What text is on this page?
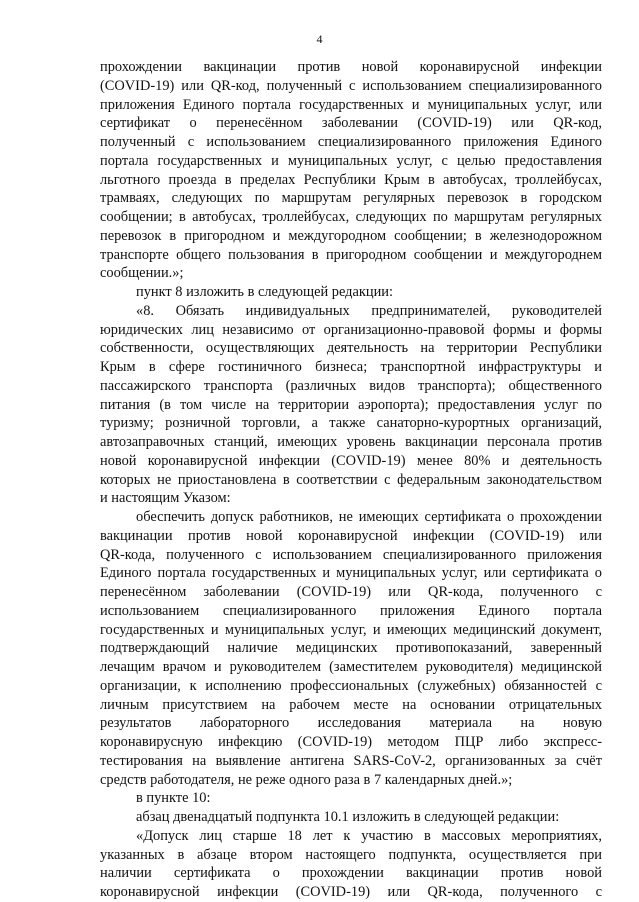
4
прохождении вакцинации против новой коронавирусной инфекции
(COVID-19) или QR-код, полученный с использованием специализированного
приложения Единого портала государственных и муниципальных услуг, или
сертификат о перенесённом заболевании (COVID-19) или QR-код,
полученный с использованием специализированного приложения Единого
портала государственных и муниципальных услуг, с целью предоставления
льготного проезда в пределах Республики Крым в автобусах, троллейбусах,
трамваях, следующих по маршрутам регулярных перевозок в городском
сообщении; в автобусах, троллейбусах, следующих по маршрутам регулярных
перевозок в пригородном и междугородном сообщении; в железнодорожном
транспорте общего пользования в пригородном сообщении и междугороднем
сообщении.»;
пункт 8 изложить в следующей редакции:
«8. Обязать индивидуальных предпринимателей, руководителей
юридических лиц независимо от организационно-правовой формы и формы
собственности, осуществляющих деятельность на территории Республики
Крым в сфере гостиничного бизнеса; транспортной инфраструктуры и
пассажирского транспорта (различных видов транспорта); общественного
питания (в том числе на территории аэропорта); предоставления услуг по
туризму; розничной торговли, а также санаторно-курортных организаций,
автозаправочных станций, имеющих уровень вакцинации персонала против
новой коронавирусной инфекции (COVID-19) менее 80% и деятельность
которых не приостановлена в соответствии с федеральным законодательством
и настоящим Указом:
обеспечить допуск работников, не имеющих сертификата о прохождении
вакцинации против новой коронавирусной инфекции (COVID-19) или
QR-кода, полученного с использованием специализированного приложения
Единого портала государственных и муниципальных услуг, или сертификата о
перенесённом заболевании (COVID-19) или QR-кода, полученного с
использованием специализированного приложения Единого портала
государственных и муниципальных услуг, и имеющих медицинский документ,
подтверждающий наличие медицинских противопоказаний, заверенный
лечащим врачом и руководителем (заместителем руководителя) медицинской
организации, к исполнению профессиональных (служебных) обязанностей с
личным присутствием на рабочем месте на основании отрицательных
результатов лабораторного исследования материала на новую
коронавирусную инфекцию (COVID-19) методом ПЦР либо экспресс-
тестирования на выявление антигена SARS-CoV-2, организованных за счёт
средств работодателя, не реже одного раза в 7 календарных дней.»;
в пункте 10:
абзац двенадцатый подпункта 10.1 изложить в следующей редакции:
«Допуск лиц старше 18 лет к участию в массовых мероприятиях,
указанных в абзаце втором настоящего подпункта, осуществляется при
наличии сертификата о прохождении вакцинации против новой
коронавирусной инфекции (COVID-19) или QR-кода, полученного с
